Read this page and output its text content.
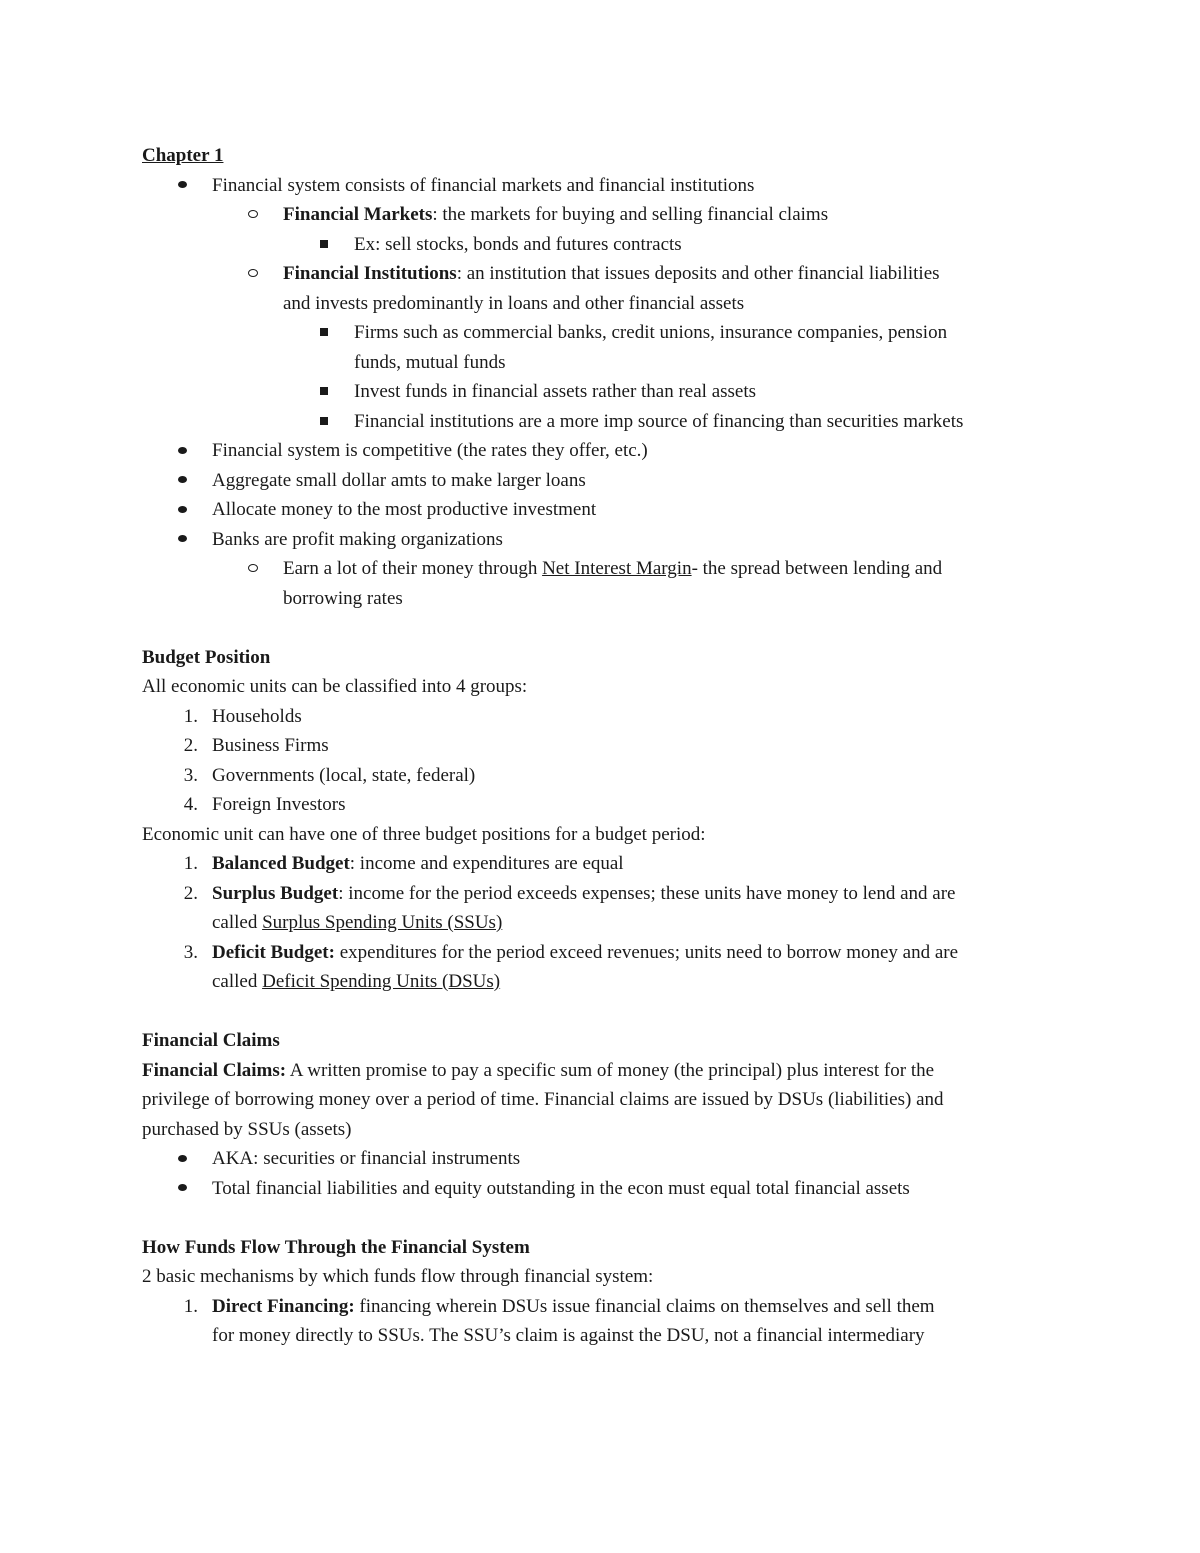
Chapter 1
Financial system consists of financial markets and financial institutions
Financial Markets: the markets for buying and selling financial claims
Ex: sell stocks, bonds and futures contracts
Financial Institutions: an institution that issues deposits and other financial liabilities
and invests predominantly in loans and other financial assets
Firms such as commercial banks, credit unions, insurance companies, pension
funds, mutual funds
Invest funds in financial assets rather than real assets
Financial institutions are a more imp source of financing than securities markets
Financial system is competitive (the rates they offer, etc.)
Aggregate small dollar amts to make larger loans
Allocate money to the most productive investment
Banks are profit making organizations
Earn a lot of their money through Net Interest Margin- the spread between lending and
borrowing rates
Budget Position
All economic units can be classified into 4 groups:
1. Households
2. Business Firms
3. Governments (local, state, federal)
4. Foreign Investors
Economic unit can have one of three budget positions for a budget period:
1. Balanced Budget: income and expenditures are equal
2. Surplus Budget: income for the period exceeds expenses; these units have money to lend and are
called Surplus Spending Units (SSUs)
3. Deficit Budget: expenditures for the period exceed revenues; units need to borrow money and are
called Deficit Spending Units (DSUs)
Financial Claims
Financial Claims: A written promise to pay a specific sum of money (the principal) plus interest for the
privilege of borrowing money over a period of time. Financial claims are issued by DSUs (liabilities) and
purchased by SSUs (assets)
AKA: securities or financial instruments
Total financial liabilities and equity outstanding in the econ must equal total financial assets
How Funds Flow Through the Financial System
2 basic mechanisms by which funds flow through financial system:
1. Direct Financing: financing wherein DSUs issue financial claims on themselves and sell them
for money directly to SSUs. The SSU’s claim is against the DSU, not a financial intermediary
